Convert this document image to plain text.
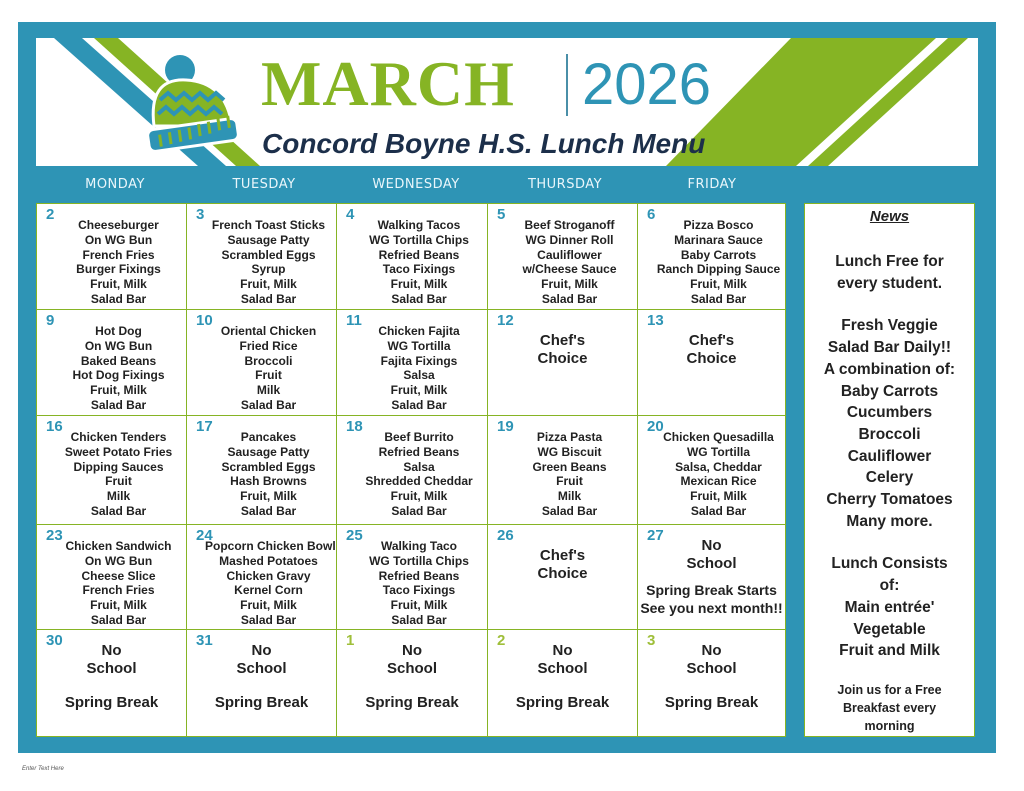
MARCH 2026
Concord Boyne H.S. Lunch Menu
MONDAY	TUESDAY	WEDNESDAY	THURSDAY	FRIDAY
2
Cheeseburger
On WG Bun
French Fries
Burger Fixings
Fruit, Milk
Salad Bar
3
French Toast Sticks
Sausage Patty
Scrambled Eggs
Syrup
Fruit, Milk
Salad Bar
4
Walking Tacos
WG Tortilla Chips
Refried Beans
Taco Fixings
Fruit, Milk
Salad Bar
5
Beef Stroganoff
WG Dinner Roll
Cauliflower
w/Cheese Sauce
Fruit, Milk
Salad Bar
6
Pizza Bosco
Marinara Sauce
Baby Carrots
Ranch Dipping Sauce
Fruit, Milk
Salad Bar
9
Hot Dog
On WG Bun
Baked Beans
Hot Dog Fixings
Fruit, Milk
Salad Bar
10
Oriental Chicken
Fried Rice
Broccoli
Fruit
Milk
Salad Bar
11
Chicken Fajita
WG Tortilla
Fajita Fixings
Salsa
Fruit, Milk
Salad Bar
12
Chef's
Choice
13
Chef's
Choice
16
Chicken Tenders
Sweet Potato Fries
Dipping Sauces
Fruit
Milk
Salad Bar
17
Pancakes
Sausage Patty
Scrambled Eggs
Hash Browns
Fruit, Milk
Salad Bar
18
Beef Burrito
Refried Beans
Salsa
Shredded Cheddar
Fruit, Milk
Salad Bar
19
Pizza Pasta
WG Biscuit
Green Beans
Fruit
Milk
Salad Bar
20
Chicken Quesadilla
WG Tortilla
Salsa, Cheddar
Mexican Rice
Fruit, Milk
Salad Bar
23
Chicken Sandwich
On WG Bun
Cheese Slice
French Fries
Fruit, Milk
Salad Bar
24
Popcorn Chicken Bowl
Mashed Potatoes
Chicken Gravy
Kernel Corn
Fruit, Milk
Salad Bar
25
Walking Taco
WG Tortilla Chips
Refried Beans
Taco Fixings
Fruit, Milk
Salad Bar
26
Chef's
Choice
27
No
School
Spring Break Starts
See you next month!!
30
No
School
Spring Break
31
No
School
Spring Break
1
No
School
Spring Break
2
No
School
Spring Break
3
No
School
Spring Break
News
Lunch Free for
every student.
Fresh Veggie
Salad Bar Daily!!
A combination of:
Baby Carrots
Cucumbers
Broccoli
Cauliflower
Celery
Cherry Tomatoes
Many more.
Lunch Consists
of:
Main entrée'
Vegetable
Fruit and Milk
Join us for a Free
Breakfast every
morning
Enter Text Here
